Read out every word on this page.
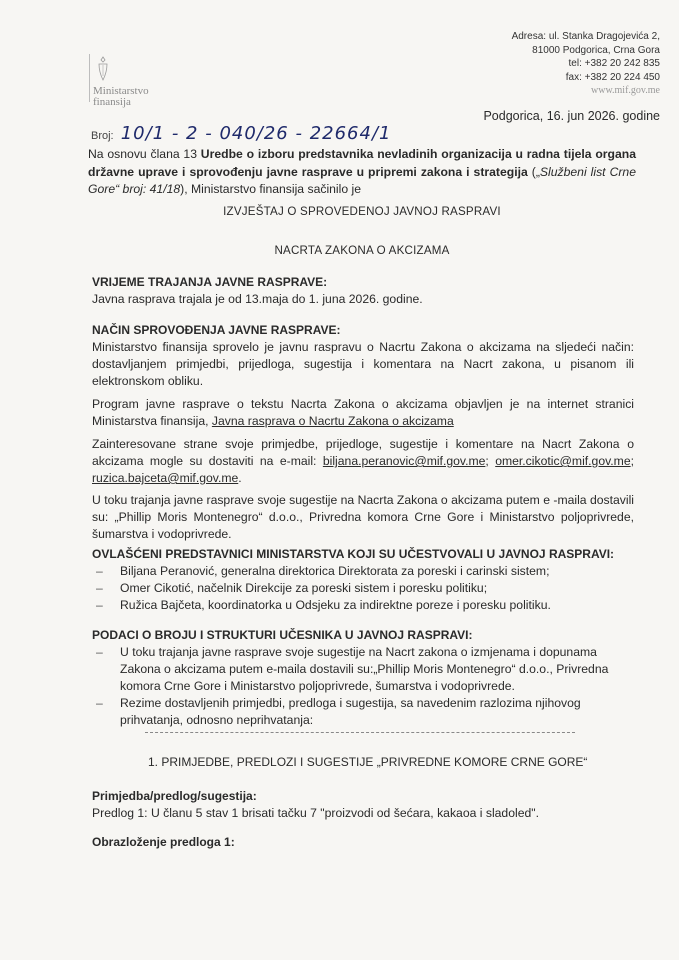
Ministarstvo
finansija
Adresa: ul. Stanka Dragojevića 2,
81000 Podgorica, Crna Gora
tel: +382 20 242 835
fax: +382 20 224 450
www.mif.gov.me
Podgorica, 16. jun 2026. godine
Broj: 10/1 - 2 - 040/26 - 22664/1

Na osnovu člana 13 Uredbe o izboru predstavnika nevladinih organizacija u radna tijela organa državne uprave i sprovođenju javne rasprave u pripremi zakona i strategija („Službeni list Crne Gore“ broj: 41/18), Ministarstvo finansija sačinilo je

IZVJEŠTAJ O SPROVEDENOJ JAVNOJ RASPRAVI
NACRTA ZAKONA O AKCIZAMA
VRIJEME TRAJANJA JAVNE RASPRAVE:

Javna rasprava trajala je od 13.maja do 1. juna 2026. godine.

NAČIN SPROVOĐENJA JAVNE RASPRAVE:

Ministarstvo finansija sprovelo je javnu raspravu o Nacrtu Zakona o akcizama na sljedeći način: dostavljanjem primjedbi, prijedloga, sugestija i komentara na Nacrt zakona, u pisanom ili elektronskom obliku.

Program javne rasprave o tekstu Nacrta Zakona o akcizama objavljen je na internet stranici Ministarstva finansija, Javna rasprava o Nacrtu Zakona o akcizama

Zainteresovane strane svoje primjedbe, prijedloge, sugestije i komentare na Nacrt Zakona o akcizama mogle su dostaviti na e-mail: biljana.peranovic@mif.gov.me; omer.cikotic@mif.gov.me; ruzica.bajceta@mif.gov.me.

U toku trajanja javne rasprave svoje sugestije na Nacrta Zakona o akcizama putem e -maila dostavili su: „Phillip Moris Montenegro“ d.o.o., Privredna komora Crne Gore i Ministarstvo poljoprivrede, šumarstva i vodoprivrede.

OVLAŠĆENI PREDSTAVNICI MINISTARSTVA KOJI SU UČESTVOVALI U JAVNOJ RASPRAVI:

– Biljana Peranović, generalna direktorica Direktorata za poreski i carinski sistem;

– Omer Cikotić, načelnik Direkcije za poreski sistem i poresku politiku;

– Ružica Bajčeta, koordinatorka u Odsjeku za indirektne poreze i poresku politiku.

PODACI O BROJU I STRUKTURI UČESNIKA U JAVNOJ RASPRAVI:

– U toku trajanja javne rasprave svoje sugestije na Nacrt zakona o izmjenama i dopunama Zakona o akcizama putem e-maila dostavili su:„Phillip Moris Montenegro“ d.o.o., Privredna komora Crne Gore i Ministarstvo poljoprivrede, šumarstva i vodoprivrede.

– Rezime dostavljenih primjedbi, predloga i sugestija, sa navedenim razlozima njihovog prihvatanja, odnosno neprihvatanja:

1. PRIMJEDBE, PREDLOZI I SUGESTIJE „PRIVREDNE KOMORE CRNE GORE“
Primjedba/predlog/sugestija:

Predlog 1: U članu 5 stav 1 brisati tačku 7 "proizvodi od šećara, kakaoa i sladoled".

Obrazloženje predloga 1:
